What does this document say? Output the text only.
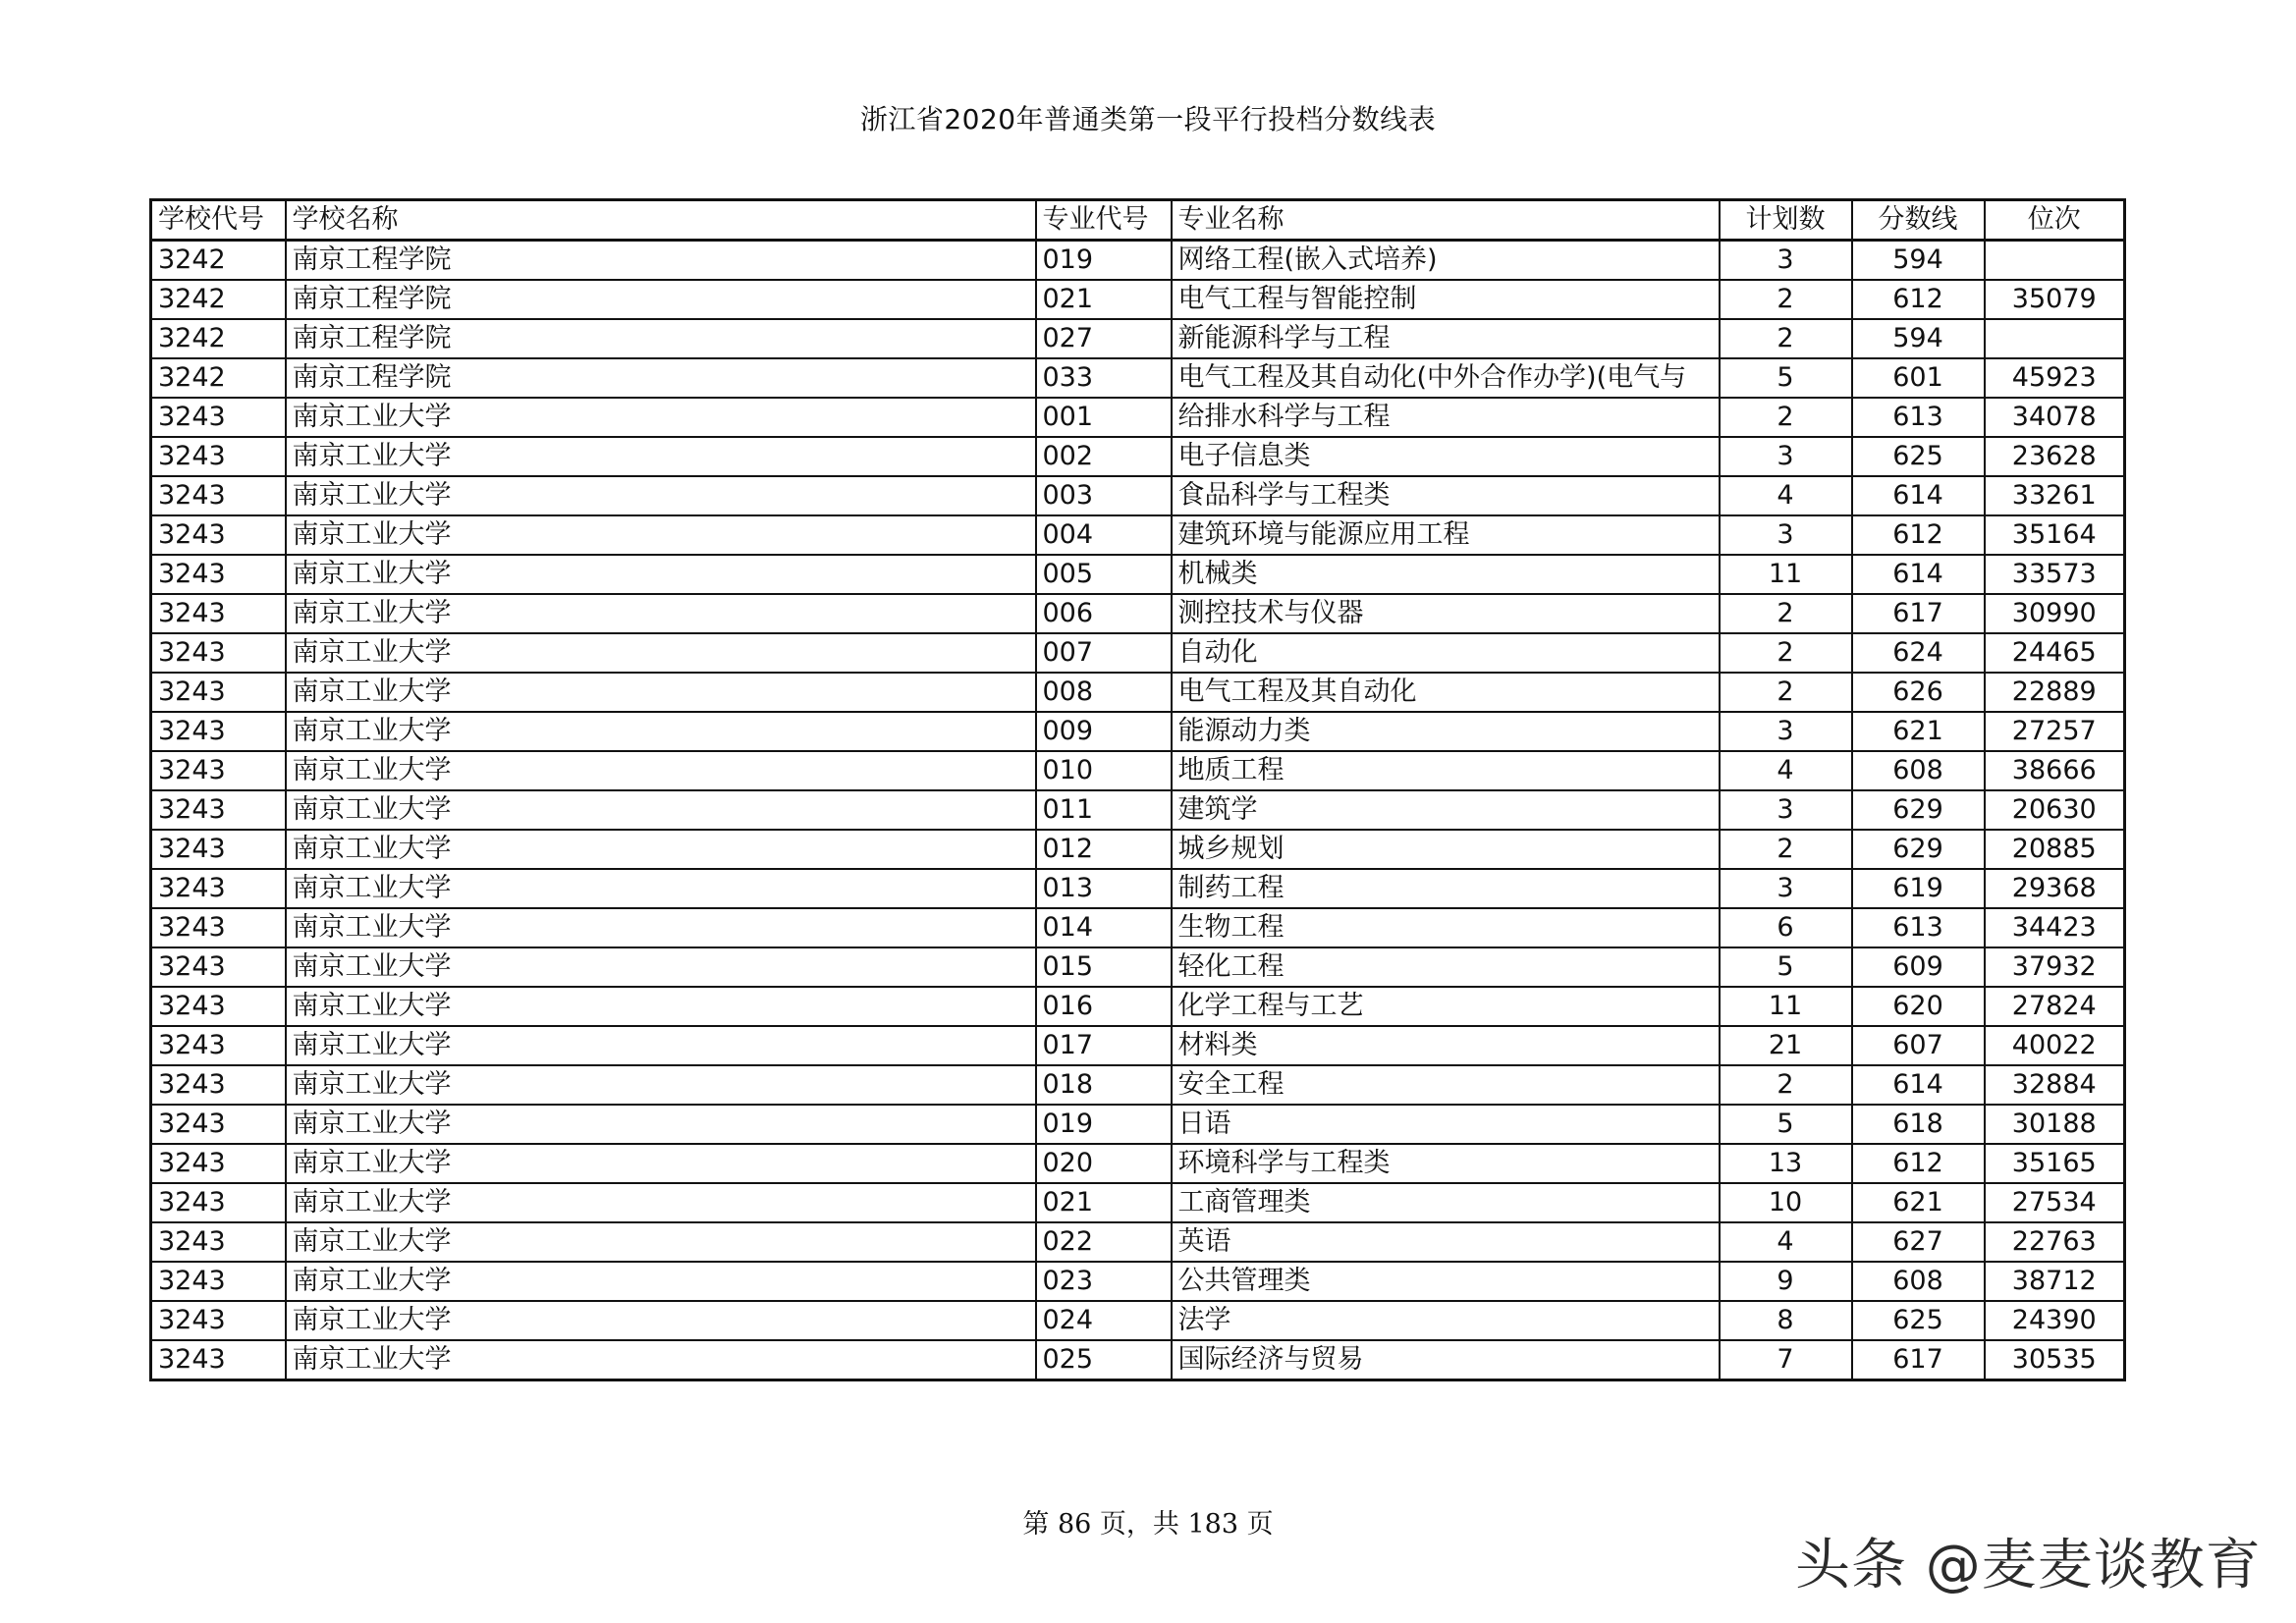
浙江省2020年普通类第一段平行投档分数线表
学校代号	学校名称	专业代号	专业名称	计划数	分数线	位次
3242	南京工程学院	019	网络工程(嵌入式培养)	3	594	
3242	南京工程学院	021	电气工程与智能控制	2	612	35079
3242	南京工程学院	027	新能源科学与工程	2	594	
3242	南京工程学院	033	电气工程及其自动化(中外合作办学)(电气与	5	601	45923
3243	南京工业大学	001	给排水科学与工程	2	613	34078
3243	南京工业大学	002	电子信息类	3	625	23628
3243	南京工业大学	003	食品科学与工程类	4	614	33261
3243	南京工业大学	004	建筑环境与能源应用工程	3	612	35164
3243	南京工业大学	005	机械类	11	614	33573
3243	南京工业大学	006	测控技术与仪器	2	617	30990
3243	南京工业大学	007	自动化	2	624	24465
3243	南京工业大学	008	电气工程及其自动化	2	626	22889
3243	南京工业大学	009	能源动力类	3	621	27257
3243	南京工业大学	010	地质工程	4	608	38666
3243	南京工业大学	011	建筑学	3	629	20630
3243	南京工业大学	012	城乡规划	2	629	20885
3243	南京工业大学	013	制药工程	3	619	29368
3243	南京工业大学	014	生物工程	6	613	34423
3243	南京工业大学	015	轻化工程	5	609	37932
3243	南京工业大学	016	化学工程与工艺	11	620	27824
3243	南京工业大学	017	材料类	21	607	40022
3243	南京工业大学	018	安全工程	2	614	32884
3243	南京工业大学	019	日语	5	618	30188
3243	南京工业大学	020	环境科学与工程类	13	612	35165
3243	南京工业大学	021	工商管理类	10	621	27534
3243	南京工业大学	022	英语	4	627	22763
3243	南京工业大学	023	公共管理类	9	608	38712
3243	南京工业大学	024	法学	8	625	24390
3243	南京工业大学	025	国际经济与贸易	7	617	30535
第 86 页，共 183 页
头条 @麦麦谈教育
